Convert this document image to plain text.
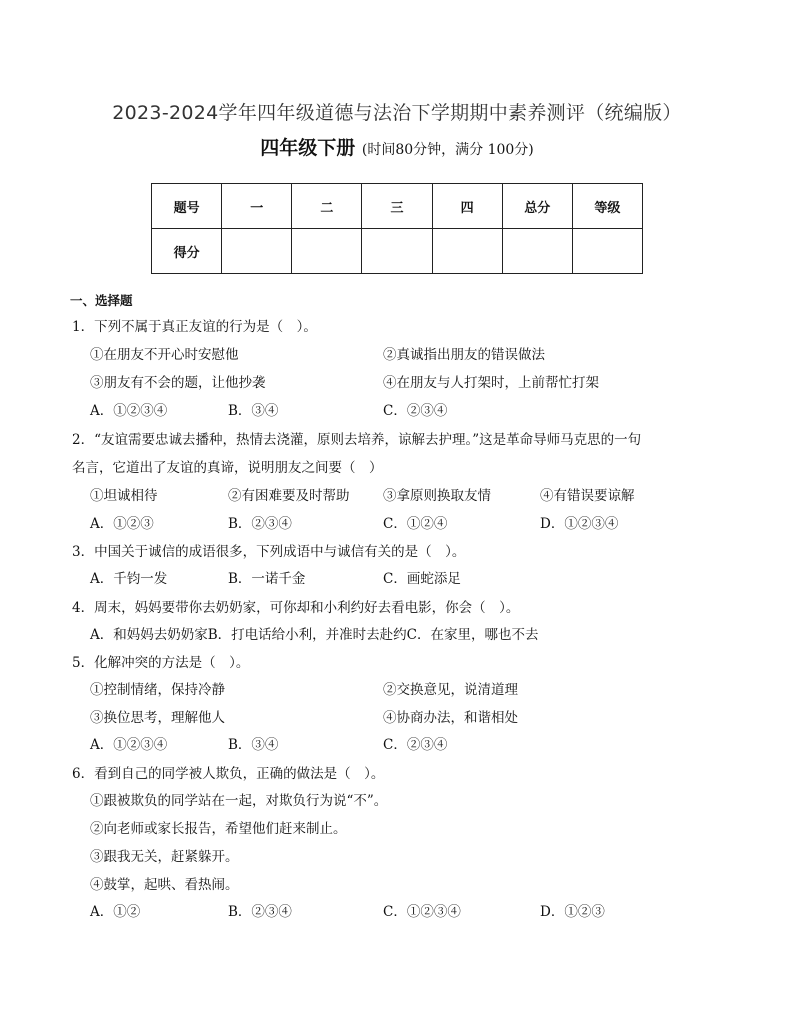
2023-2024学年四年级道德与法治下学期期中素养测评（统编版）
四年级下册 (时间80分钟，满分 100分)
题号	一	二	三	四	总分	等级
得分						
一、选择题
1．下列不属于真正友谊的行为是（　）。
①在朋友不开心时安慰他	②真诚指出朋友的错误做法
③朋友有不会的题，让他抄袭	④在朋友与人打架时，上前帮忙打架
A．①②③④	B．③④	C．②③④
2．“友谊需要忠诚去播种，热情去浇灌，原则去培养，谅解去护理。”这是革命导师马克思的一句
名言，它道出了友谊的真谛，说明朋友之间要（　）
①坦诚相待	②有困难要及时帮助 ③拿原则换取友情	④有错误要谅解
A．①②③	B．②③④	C．①②④	D．①②③④
3．中国关于诚信的成语很多，下列成语中与诚信有关的是（　）。
A．千钧一发	B．一诺千金	C．画蛇添足
4．周末，妈妈要带你去奶奶家，可你却和小利约好去看电影，你会（　）。
A．和妈妈去奶奶家B．打电话给小利，并准时去赴约C．在家里，哪也不去
5．化解冲突的方法是（　）。
①控制情绪，保持冷静	②交换意见，说清道理
③换位思考，理解他人	④协商办法，和谐相处
A．①②③④	B．③④	C．②③④
6．看到自己的同学被人欺负，正确的做法是（　）。
①跟被欺负的同学站在一起，对欺负行为说“不”。
②向老师或家长报告，希望他们赶来制止。
③跟我无关，赶紧躲开。
④鼓掌，起哄、看热闹。
A．①②	B．②③④	C．①②③④	D．①②③
